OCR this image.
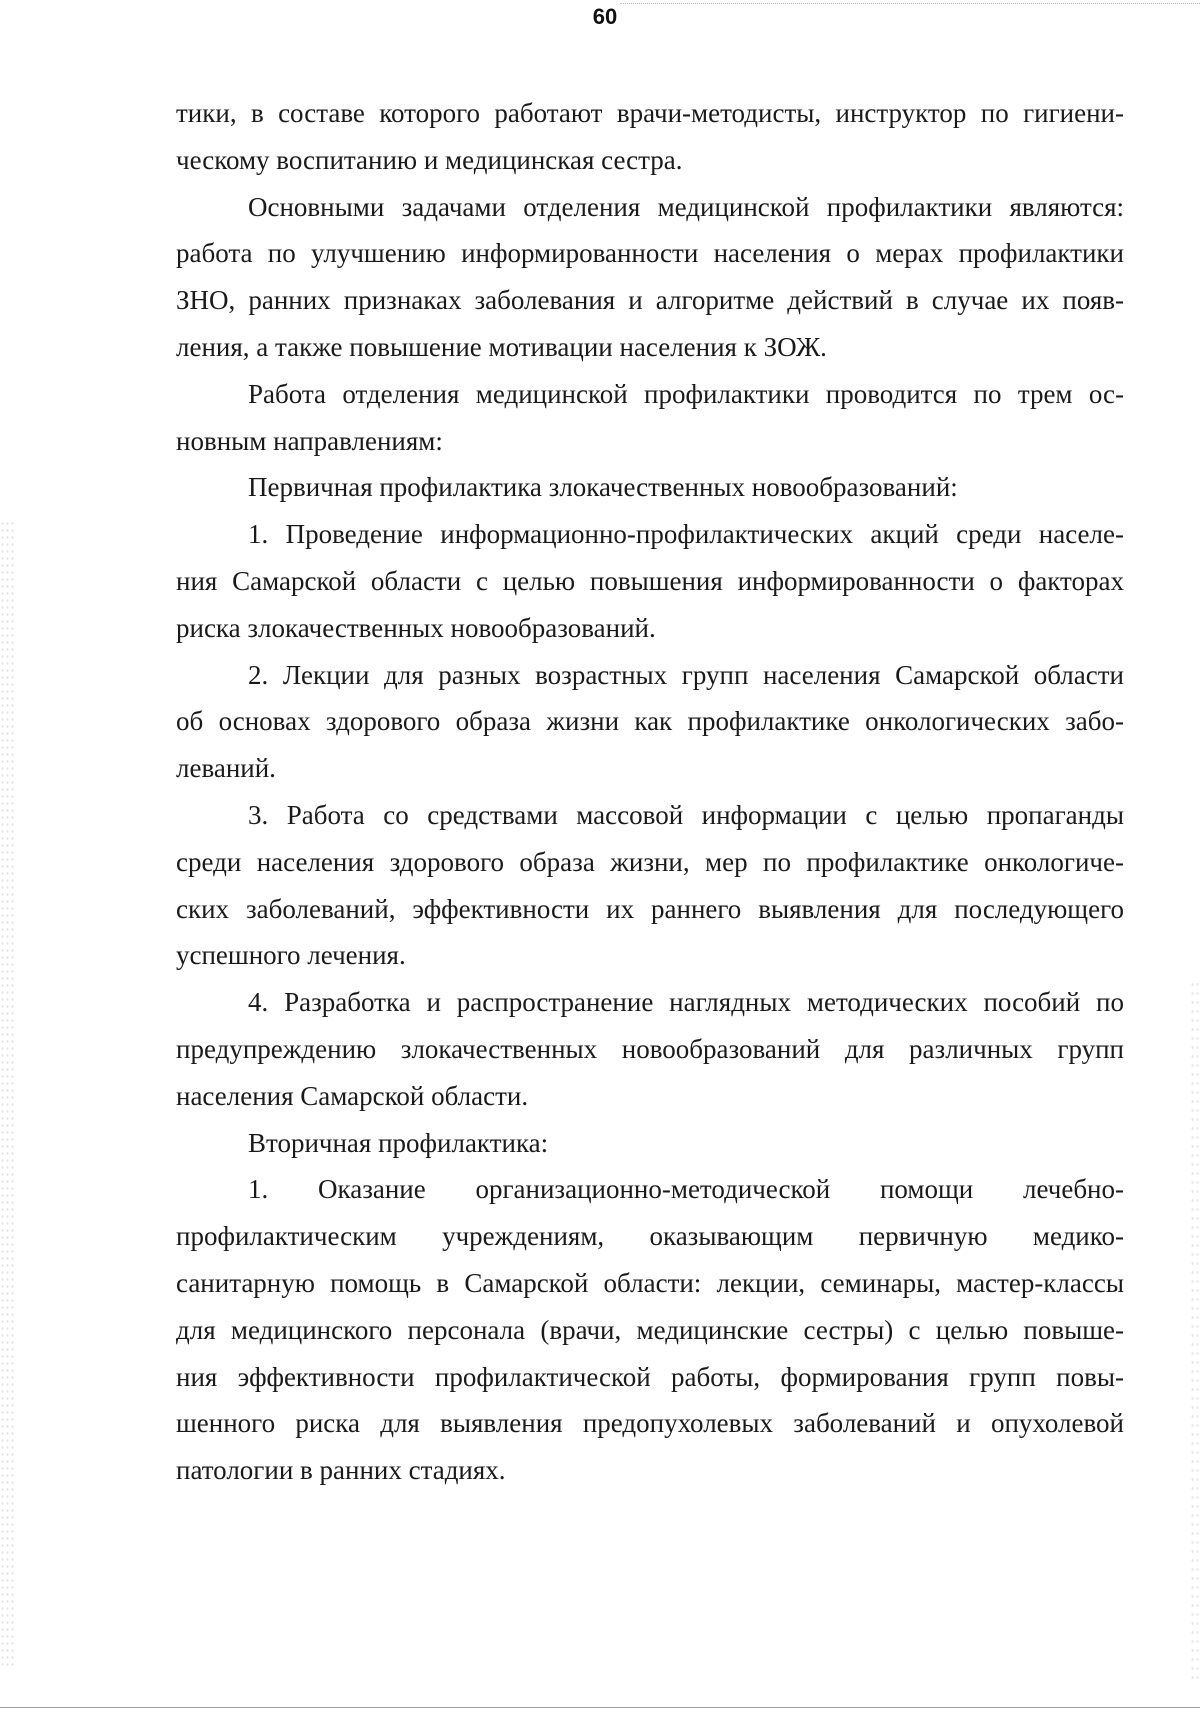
60

тики, в составе которого работают врачи-методисты, инструктор по гигиени-

ческому воспитанию и медицинская сестра.

Основными задачами отделения медицинской профилактики являются:

работа по улучшению информированности населения о мерах профилактики

ЗНО, ранних признаках заболевания и алгоритме действий в случае их появ-

ления, а также повышение мотивации населения к ЗОЖ.

Работа отделения медицинской профилактики проводится по трем ос-

новным направлениям:

Первичная профилактика злокачественных новообразований:

1. Проведение информационно-профилактических акций среди населе-

ния Самарской области с целью повышения информированности о факторах

риска злокачественных новообразований.

2. Лекции для разных возрастных групп населения Самарской области

об основах здорового образа жизни как профилактике онкологических забо-

леваний.

3. Работа со средствами массовой информации с целью пропаганды

среди населения здорового образа жизни, мер по профилактике онкологиче-

ских заболеваний, эффективности их раннего выявления для последующего

успешного лечения.

4. Разработка и распространение наглядных методических пособий по

предупреждению злокачественных новообразований для различных групп

населения Самарской области.

Вторичная профилактика:

1. Оказание организационно-методической помощи лечебно-

профилактическим учреждениям, оказывающим первичную медико-

санитарную помощь в Самарской области: лекции, семинары, мастер-классы

для медицинского персонала (врачи, медицинские сестры) с целью повыше-

ния эффективности профилактической работы, формирования групп повы-

шенного риска для выявления предопухолевых заболеваний и опухолевой

патологии в ранних стадиях.
